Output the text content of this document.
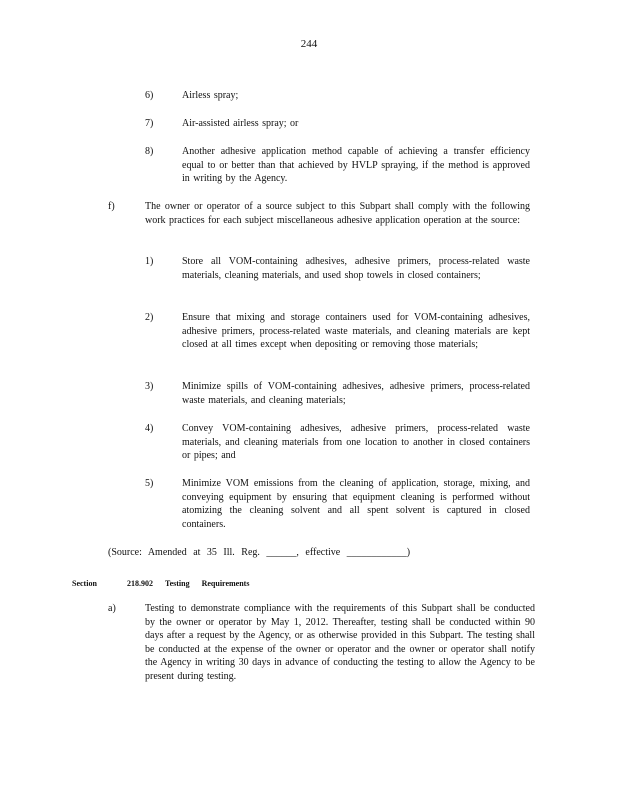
244
6)	Airless spray;
7)	Air-assisted airless spray; or
8)	Another adhesive application method capable of achieving a transfer efficiency equal to or better than that achieved by HVLP spraying, if the method is approved in writing by the Agency.
f)	The owner or operator of a source subject to this Subpart shall comply with the following work practices for each subject miscellaneous adhesive application operation at the source:
1)	Store all VOM-containing adhesives, adhesive primers, process-related waste materials, cleaning materials, and used shop towels in closed containers;
2)	Ensure that mixing and storage containers used for VOM-containing adhesives, adhesive primers, process-related waste materials, and cleaning materials are kept closed at all times except when depositing or removing those materials;
3)	Minimize spills of VOM-containing adhesives, adhesive primers, process-related waste materials, and cleaning materials;
4)	Convey VOM-containing adhesives, adhesive primers, process-related waste materials, and cleaning materials from one location to another in closed containers or pipes; and
5)	Minimize VOM emissions from the cleaning of application, storage, mixing, and conveying equipment by ensuring that equipment cleaning is performed without atomizing the cleaning solvent and all spent solvent is captured in closed containers.
(Source: Amended at 35 Ill. Reg. ______, effective ____________)
Section	218.902 Testing Requirements
a)	Testing to demonstrate compliance with the requirements of this Subpart shall be conducted by the owner or operator by May 1, 2012. Thereafter, testing shall be conducted within 90 days after a request by the Agency, or as otherwise provided in this Subpart. The testing shall be conducted at the expense of the owner or operator and the owner or operator shall notify the Agency in writing 30 days in advance of conducting the testing to allow the Agency to be present during testing.
